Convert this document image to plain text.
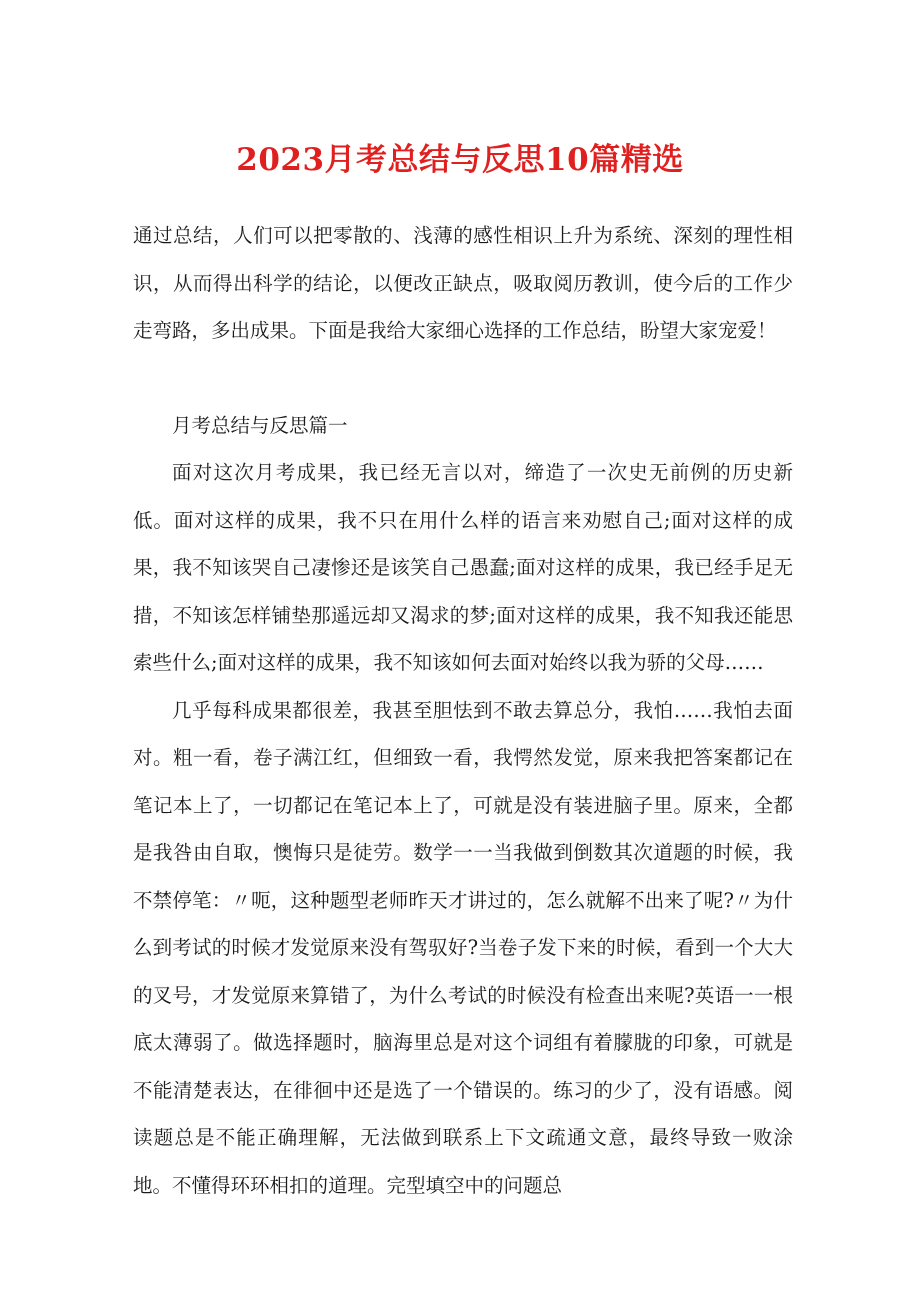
2023月考总结与反思10篇精选

通过总结，人们可以把零散的、浅薄的感性相识上升为系统、深刻的理性相识，从而得出科学的结论，以便改正缺点，吸取阅历教训，使今后的工作少走弯路，多出成果。下面是我给大家细心选择的工作总结，盼望大家宠爱！

月考总结与反思篇一

面对这次月考成果，我已经无言以对，缔造了一次史无前例的历史新低。面对这样的成果，我不只在用什么样的语言来劝慰自己;面对这样的成果，我不知该哭自己凄惨还是该笑自己愚蠢;面对这样的成果，我已经手足无措，不知该怎样铺垫那遥远却又渴求的梦;面对这样的成果，我不知我还能思索些什么;面对这样的成果，我不知该如何去面对始终以我为骄的父母……

几乎每科成果都很差，我甚至胆怯到不敢去算总分，我怕……我怕去面对。粗一看，卷子满江红，但细致一看，我愕然发觉，原来我把答案都记在笔记本上了，一切都记在笔记本上了，可就是没有装进脑子里。原来，全都是我咎由自取，懊悔只是徒劳。数学一一当我做到倒数其次道题的时候，我不禁停笔：〃呃，这种题型老师昨天才讲过的，怎么就解不出来了呢?〃为什么到考试的时候才发觉原来没有驾驭好?当卷子发下来的时候，看到一个大大的叉号，才发觉原来算错了，为什么考试的时候没有检查出来呢?英语一一根底太薄弱了。做选择题时，脑海里总是对这个词组有着朦胧的印象，可就是不能清楚表达，在徘徊中还是选了一个错误的。练习的少了，没有语感。阅读题总是不能正确理解，无法做到联系上下文疏通文意，最终导致一败涂地。不懂得环环相扣的道理。完型填空中的问题总
